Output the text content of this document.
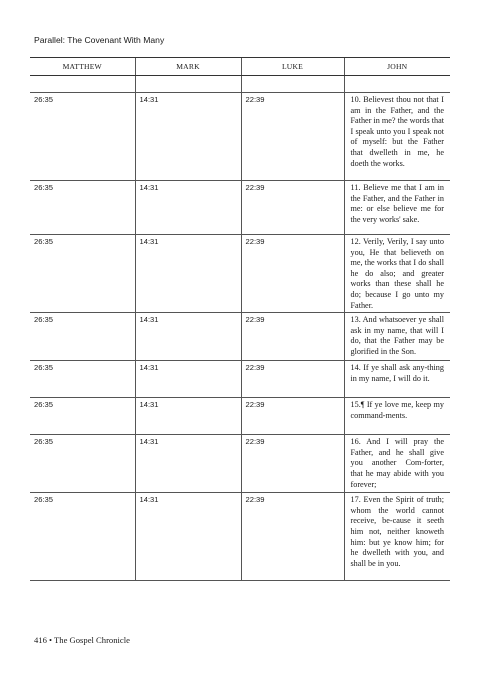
Parallel: The Covenant With Many
MATTHEW	MARK	LUKE	JOHN

26:35	14:31	22:39	10. Believest thou not that I am in the Father, and the Father in me? the words that I speak unto you I speak not of myself: but the Father that dwelleth in me, he doeth the works.
26:35	14:31	22:39	11. Believe me that I am in the Father, and the Father in me: or else believe me for the very works' sake.
26:35	14:31	22:39	12. Verily, Verily, I say unto you, He that believeth on me, the works that I do shall he do also; and greater works than these shall he do; because I go unto my Father.
26:35	14:31	22:39	13. And whatsoever ye shall ask in my name, that will I do, that the Father may be glorified in the Son.
26:35	14:31	22:39	14. If ye shall ask any-thing in my name, I will do it.
26:35	14:31	22:39	15.¶ If ye love me, keep my command-ments.
26:35	14:31	22:39	16. And I will pray the Father, and he shall give you another Com-forter, that he may abide with you forever;
26:35	14:31	22:39	17. Even the Spirit of truth; whom the world cannot receive, be-cause it seeth him not, neither knoweth him: but ye know him; for he dwelleth with you, and shall be in you.
416 • The Gospel Chronicle
